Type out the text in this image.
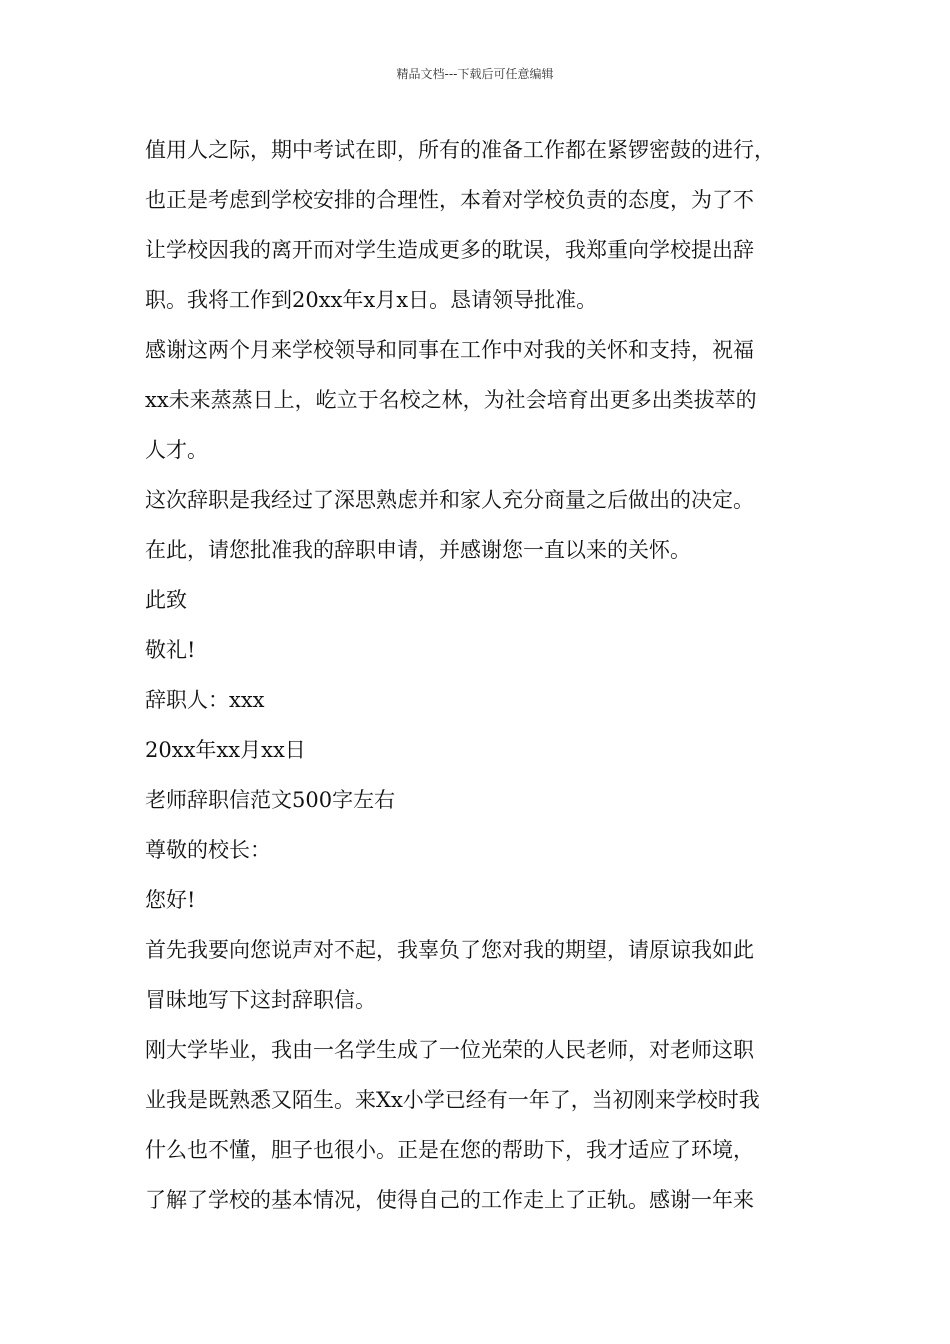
精品文档---下载后可任意编辑
值用人之际，期中考试在即，所有的准备工作都在紧锣密鼓的进行，
也正是考虑到学校安排的合理性，本着对学校负责的态度，为了不
让学校因我的离开而对学生造成更多的耽误，我郑重向学校提出辞
职。我将工作到20xx年x月x日。恳请领导批准。
感谢这两个月来学校领导和同事在工作中对我的关怀和支持，祝福
xx未来蒸蒸日上，屹立于名校之林，为社会培育出更多出类拔萃的
人才。
这次辞职是我经过了深思熟虑并和家人充分商量之后做出的决定。
在此，请您批准我的辞职申请，并感谢您一直以来的关怀。
此致
敬礼!
辞职人：xxx
20xx年xx月xx日
老师辞职信范文500字左右
尊敬的校长：
您好!
首先我要向您说声对不起，我辜负了您对我的期望，请原谅我如此
冒昧地写下这封辞职信。
刚大学毕业，我由一名学生成了一位光荣的人民老师，对老师这职
业我是既熟悉又陌生。来Xx小学已经有一年了，当初刚来学校时我
什么也不懂，胆子也很小。正是在您的帮助下，我才适应了环境，
了解了学校的基本情况，使得自己的工作走上了正轨。感谢一年来
